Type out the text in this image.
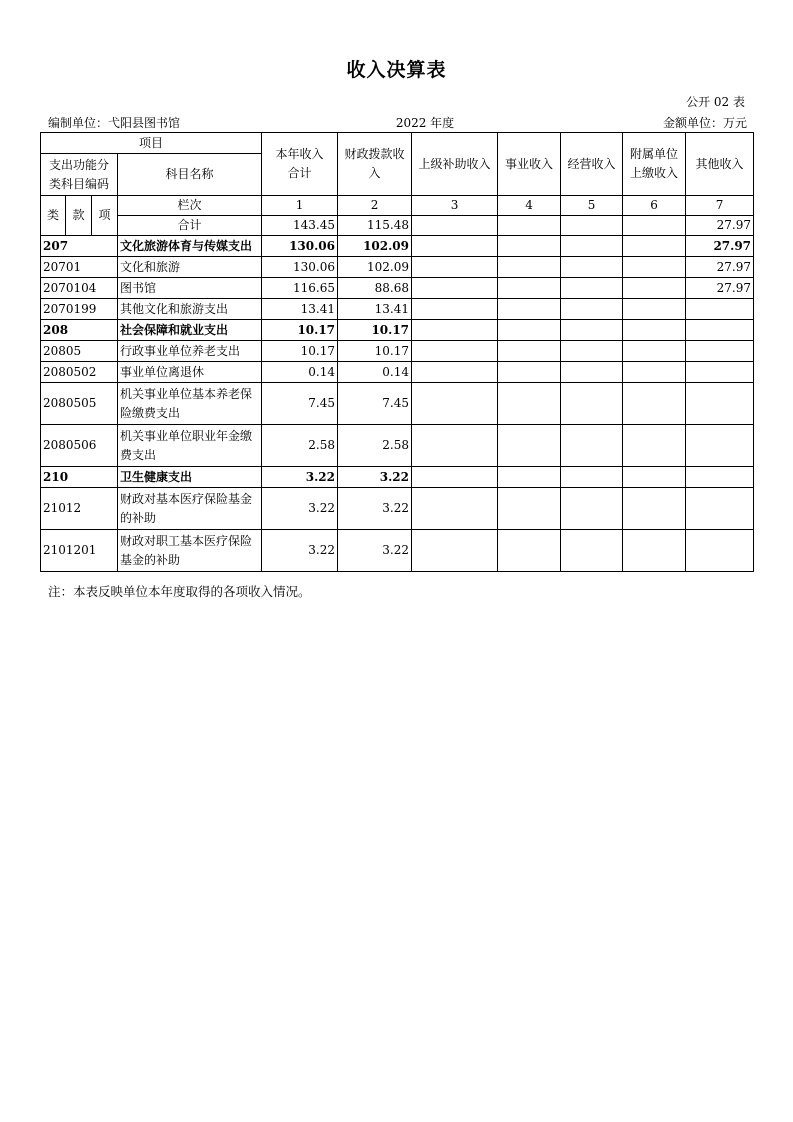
收入决算表
公开 02 表
编制单位：弋阳县图书馆	2022 年度	金额单位：万元
项目				本年收入合计	财政拨款收入	上级补助收入	事业收入	经营收入	附属单位上缴收入	其他收入

支出功能分类科目编码			科目名称							

类	款	项	栏次	1	2	3	4	5	6	7
			合计	143.45	115.48					27.97
207			文化旅游体育与传媒支出	130.06	102.09					27.97
20701			文化和旅游	130.06	102.09					27.97
2070104			图书馆	116.65	88.68					27.97
2070199			其他文化和旅游支出	13.41	13.41					
208			社会保障和就业支出	10.17	10.17					
20805			行政事业单位养老支出	10.17	10.17					
2080502			事业单位离退休	0.14	0.14					
2080505			机关事业单位基本养老保险缴费支出	7.45	7.45					
2080506			机关事业单位职业年金缴费支出	2.58	2.58					
210			卫生健康支出	3.22	3.22					
21012			财政对基本医疗保险基金的补助	3.22	3.22					
2101201			财政对职工基本医疗保险基金的补助	3.22	3.22					
注：本表反映单位本年度取得的各项收入情况。
